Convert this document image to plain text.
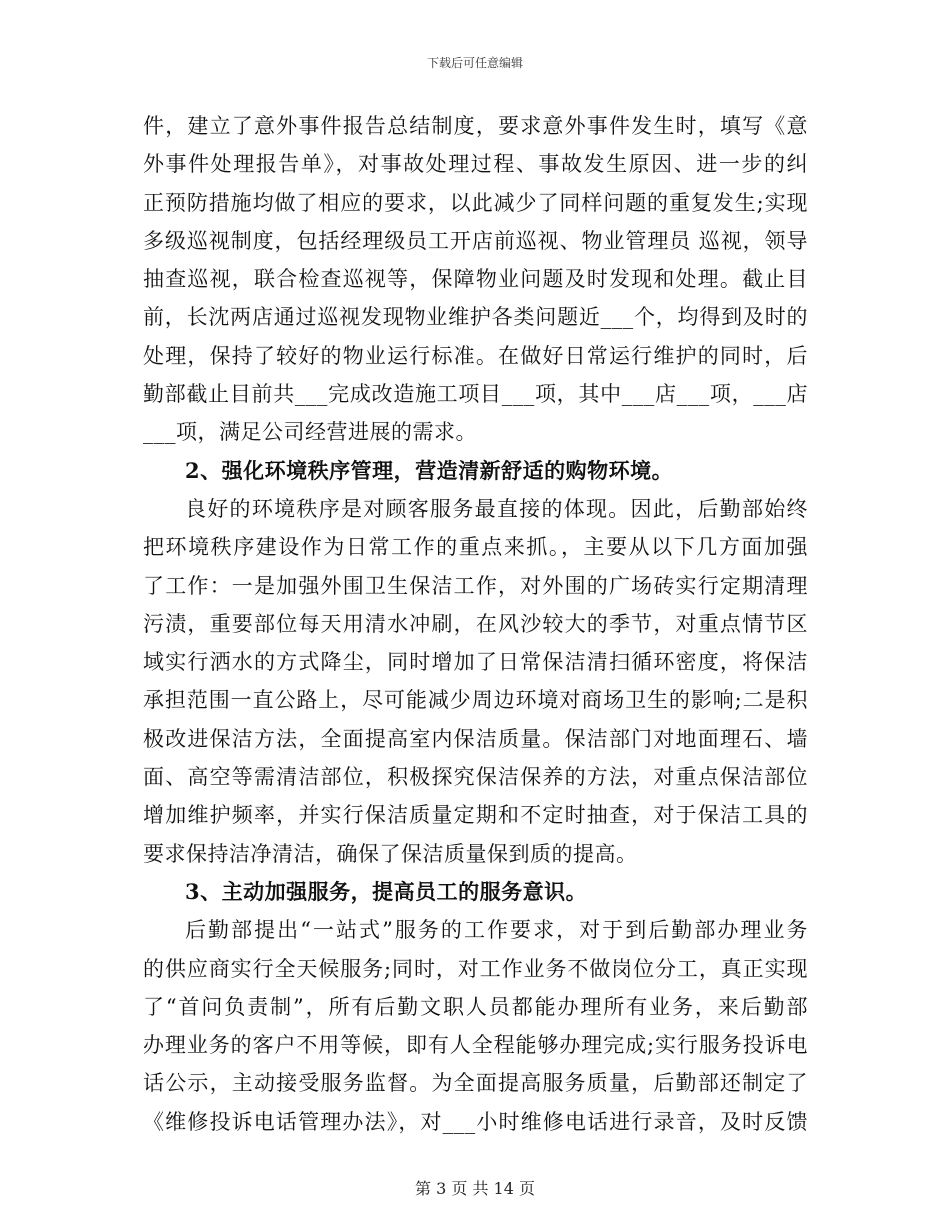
下载后可任意编辑
件，建立了意外事件报告总结制度，要求意外事件发生时，填写《意
外事件处理报告单》，对事故处理过程、事故发生原因、进一步的纠
正预防措施均做了相应的要求，以此减少了同样问题的重复发生;实现
多级巡视制度，包括经理级员工开店前巡视、物业管理员 巡视，领导
抽查巡视，联合检查巡视等，保障物业问题及时发现和处理。截止目
前，长沈两店通过巡视发现物业维护各类问题近___个，均得到及时的
处理，保持了较好的物业运行标准。在做好日常运行维护的同时，后
勤部截止目前共___完成改造施工项目___项，其中___店___项，___店
___项，满足公司经营进展的需求。
2、强化环境秩序管理，营造清新舒适的购物环境。
良好的环境秩序是对顾客服务最直接的体现。因此，后勤部始终
把环境秩序建设作为日常工作的重点来抓。，主要从以下几方面加强
了工作：一是加强外围卫生保洁工作，对外围的广场砖实行定期清理
污渍，重要部位每天用清水冲刷，在风沙较大的季节，对重点情节区
域实行洒水的方式降尘，同时增加了日常保洁清扫循环密度，将保洁
承担范围一直公路上，尽可能减少周边环境对商场卫生的影响;二是积
极改进保洁方法，全面提高室内保洁质量。保洁部门对地面理石、墙
面、高空等需清洁部位，积极探究保洁保养的方法，对重点保洁部位
增加维护频率，并实行保洁质量定期和不定时抽查，对于保洁工具的
要求保持洁净清洁，确保了保洁质量保到质的提高。
3、主动加强服务，提高员工的服务意识。
后勤部提出“一站式”服务的工作要求，对于到后勤部办理业务
的供应商实行全天候服务;同时，对工作业务不做岗位分工，真正实现
了“首问负责制”，所有后勤文职人员都能办理所有业务，来后勤部
办理业务的客户不用等候，即有人全程能够办理完成;实行服务投诉电
话公示，主动接受服务监督。为全面提高服务质量，后勤部还制定了
《维修投诉电话管理办法》，对___小时维修电话进行录音，及时反馈
第 3 页 共 14 页
